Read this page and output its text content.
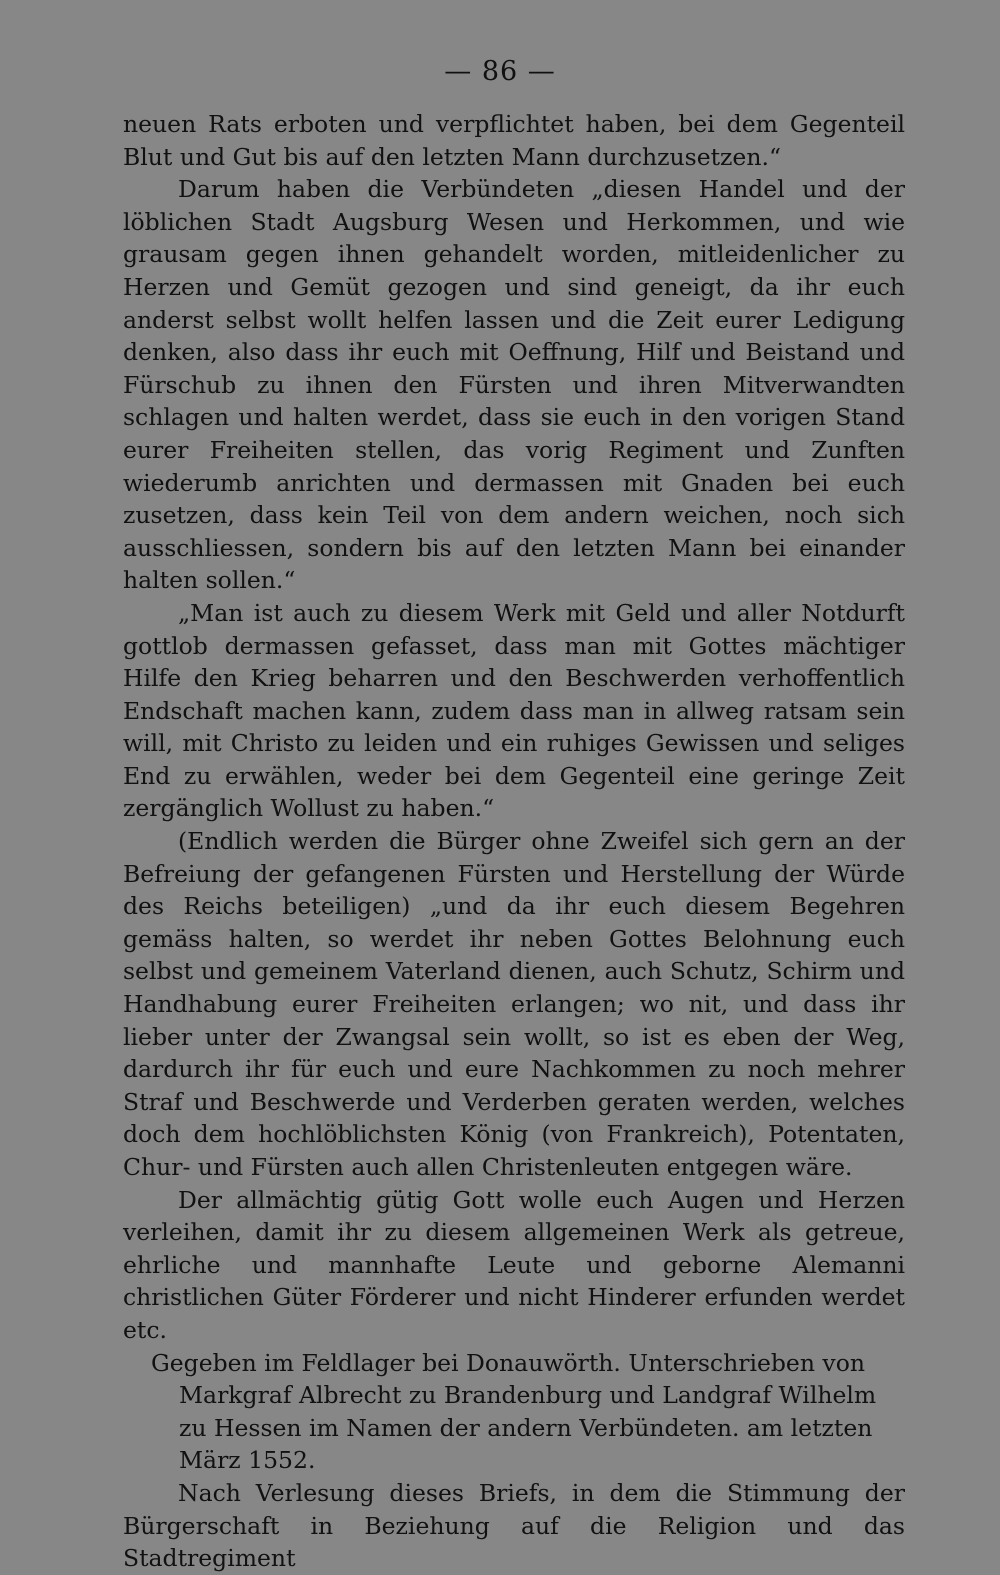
— 86 —

neuen Rats erboten und verpflichtet haben, bei dem Gegenteil Blut und Gut bis auf den letzten Mann durchzusetzen.“

Darum haben die Verbündeten „diesen Handel und der löblichen Stadt Augsburg Wesen und Herkommen, und wie grausam gegen ihnen gehandelt worden, mitleidenlicher zu Herzen und Gemüt gezogen und sind geneigt, da ihr euch anderst selbst wollt helfen lassen und die Zeit eurer Ledigung denken, also dass ihr euch mit Oeffnung, Hilf und Beistand und Fürschub zu ihnen den Fürsten und ihren Mitverwandten schlagen und halten werdet, dass sie euch in den vorigen Stand eurer Freiheiten stellen, das vorig Regiment und Zunften wiederumb anrichten und dermassen mit Gnaden bei euch zusetzen, dass kein Teil von dem andern weichen, noch sich ausschliessen, sondern bis auf den letzten Mann bei einander halten sollen.“

„Man ist auch zu diesem Werk mit Geld und aller Notdurft gottlob dermassen gefasset, dass man mit Gottes mächtiger Hilfe den Krieg beharren und den Beschwerden verhoffentlich Endschaft machen kann, zudem dass man in allweg ratsam sein will, mit Christo zu leiden und ein ruhiges Gewissen und seliges End zu erwählen, weder bei dem Gegenteil eine geringe Zeit zergänglich Wollust zu haben.“

(Endlich werden die Bürger ohne Zweifel sich gern an der Befreiung der gefangenen Fürsten und Herstellung der Würde des Reichs beteiligen) „und da ihr euch diesem Begehren gemäss halten, so werdet ihr neben Gottes Belohnung euch selbst und gemeinem Vaterland dienen, auch Schutz, Schirm und Handhabung eurer Freiheiten erlangen; wo nit, und dass ihr lieber unter der Zwangsal sein wollt, so ist es eben der Weg, dardurch ihr für euch und eure Nachkommen zu noch mehrer Straf und Beschwerde und Verderben geraten werden, welches doch dem hochlöblichsten König (von Frankreich), Potentaten, Chur- und Fürsten auch allen Christenleuten entgegen wäre.

Der allmächtig gütig Gott wolle euch Augen und Herzen verleihen, damit ihr zu diesem allgemeinen Werk als getreue, ehrliche und mannhafte Leute und geborne Alemanni christlichen Güter Förderer und nicht Hinderer erfunden werdet etc.

Gegeben im Feldlager bei Donauwörth. Unterschrieben von Markgraf Albrecht zu Brandenburg und Landgraf Wilhelm zu Hessen im Namen der andern Verbündeten. am letzten März 1552.

Nach Verlesung dieses Briefs, in dem die Stimmung der Bürgerschaft in Beziehung auf die Religion und das Stadtregiment
